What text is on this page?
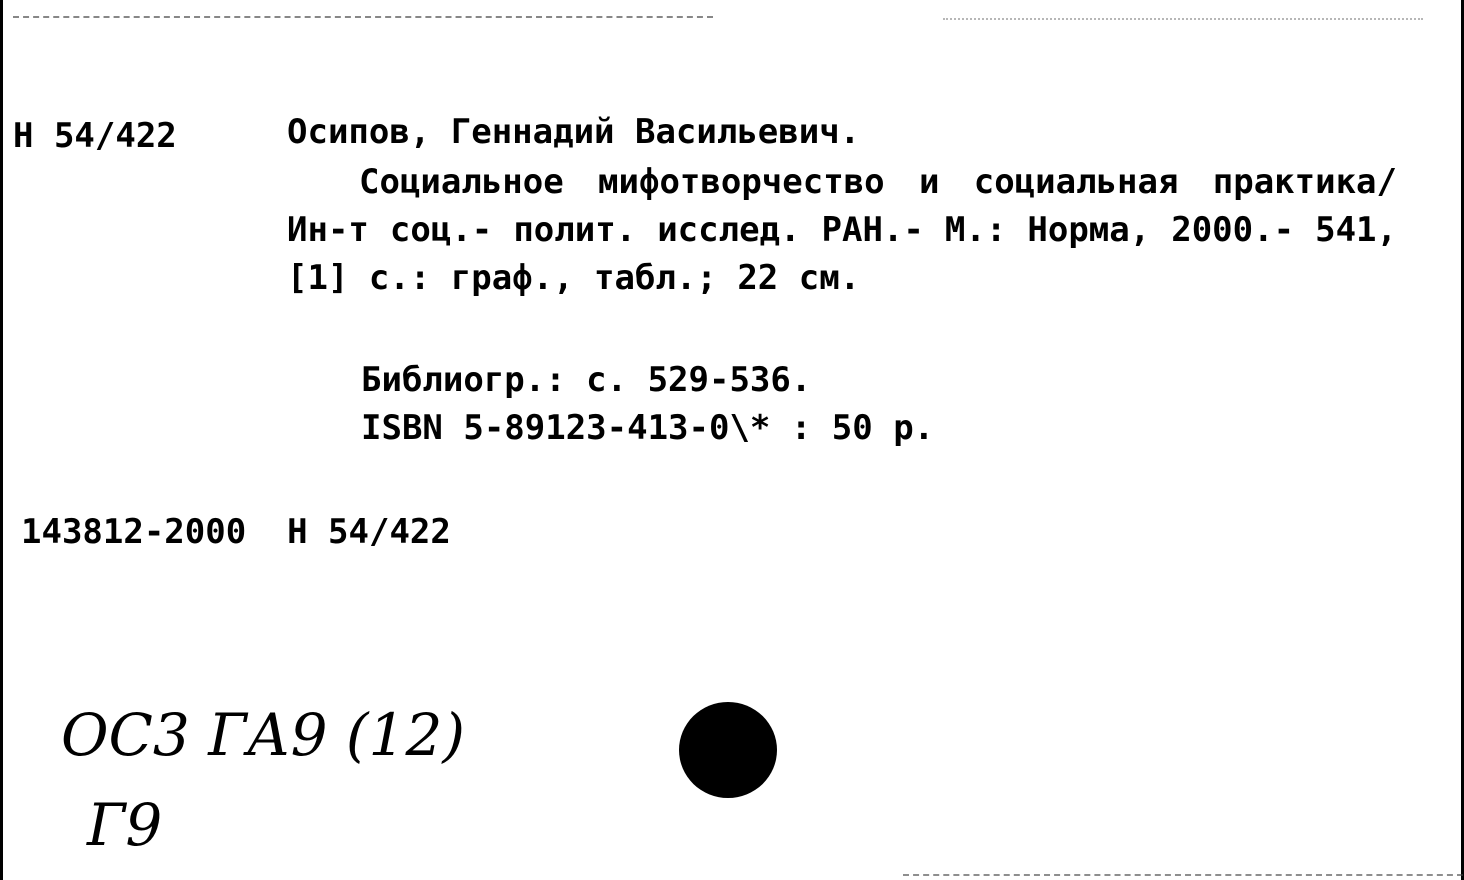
Н 54/422	Осипов, Геннадий Васильевич.
Социальное мифотворчество и социальная практика/ Ин-т соц.- полит. исслед. РАН.- М.: Норма, 2000.- 541, [1] с.: граф., табл.; 22 см.
Библиогр.: с. 529-536.
ISBN 5-89123-413-0\* : 50 р.
143812-2000  Н 54/422
ОС3 ГА9 (12)
Г9
